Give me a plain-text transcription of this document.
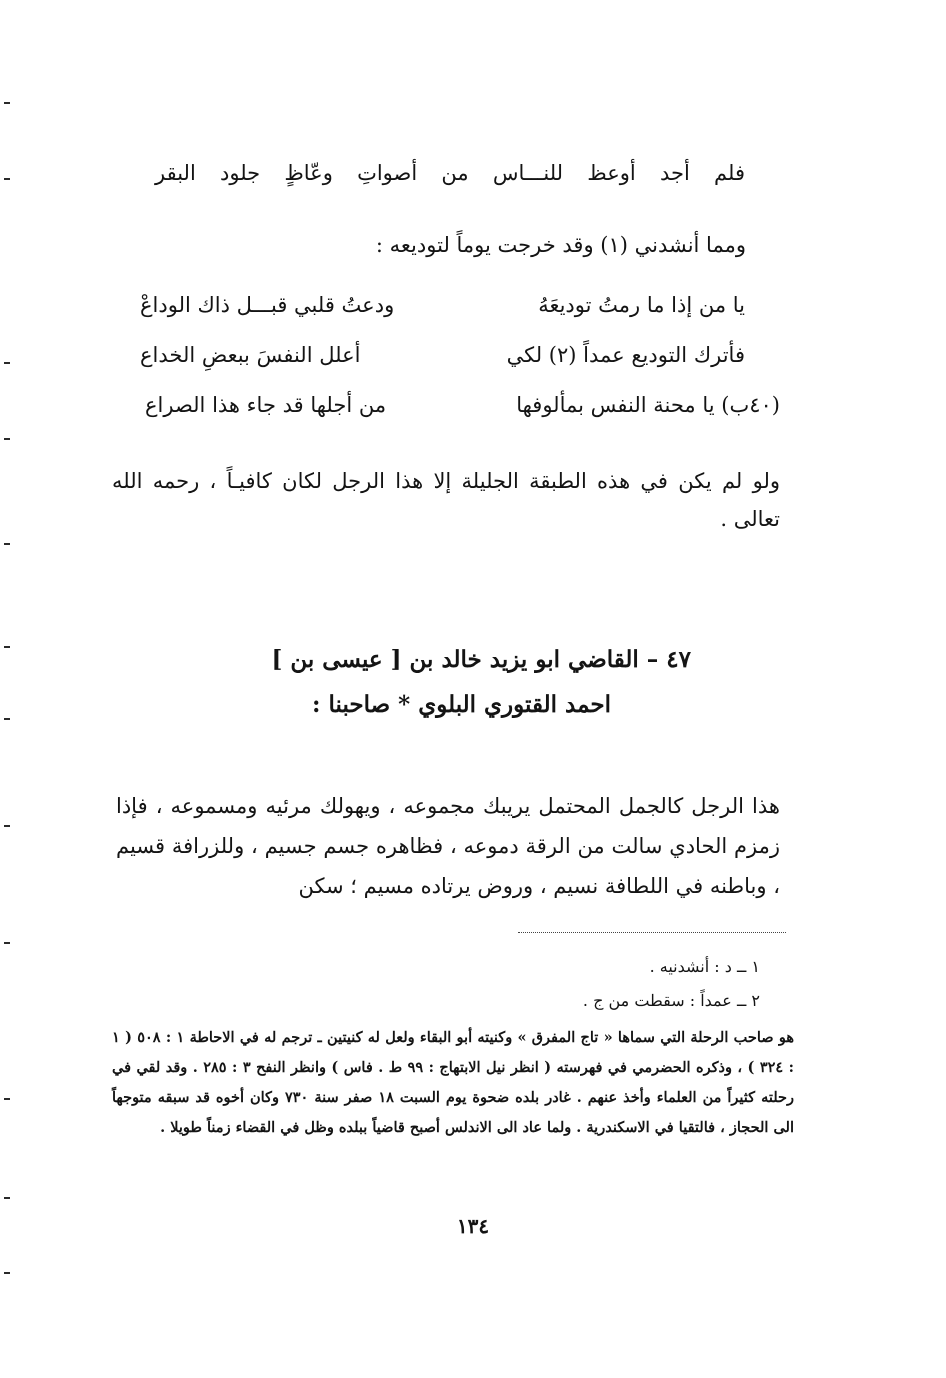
فلم أجد أوعظ للنـــاس من أصواتِ وعّاظٍ جلود البقر
ومما أنشدني (١) وقد خرجت يوماً لتوديعه :
يا من إذا ما رمتُ توديعَهُ
ودعتُ قلبي قبـــل ذاك الوداعْ
فأترك التوديع عمداً (٢) لكي
أعلل النفسَ ببعضِ الخداع
(٤٠ب) يا محنة النفس بمألوفها
من أجلها قد جاء هذا الصراع
ولو لم يكن في هذه الطبقة الجليلة إلا هذا الرجل لكان كافيـاً ، رحمه الله تعالى .
٤٧ – القاضي ابو يزيد خالد بن [ عيسى بن ]
احمد القتوري البلوي * صاحبنا :
هذا الرجل كالجمل المحتمل يريبك مجموعه ، ويهولك مرئيه ومسموعه ، فإذا زمزم الحادي سالت من الرقة دموعه ، فظاهره جسم جسيم ، وللزرافة قسيم ، وباطنه في اللطافة نسيم ، وروض يرتاده مسيم ؛ سكن
١ ــ د : أنشدنيه .
٢ ــ عمداً : سقطت من ج .
هو صاحب الرحلة التي سماها « تاج المفرق » وكنيته أبو البقاء ولعل له كنيتين ـ ترجم له في الاحاطة ١ : ٥٠٨ ( ١ : ٣٢٤ ) ، وذكره الحضرمي في فهرسته ( انظر نيل الابتهاج : ٩٩ ط . فاس ) وانظر النفح ٣ : ٢٨٥ . وقد لقي في رحلته كثيراً من العلماء وأخذ عنهم . غادر بلده ضحوة يوم السبت ١٨ صفر سنة ٧٣٠ وكان أخوه قد سبقه متوجهاً الى الحجاز ، فالتقيا في الاسكندرية . ولما عاد الى الاندلس أصبح قاضياً ببلده وظل في القضاء زمناً طويلا .
١٣٤
